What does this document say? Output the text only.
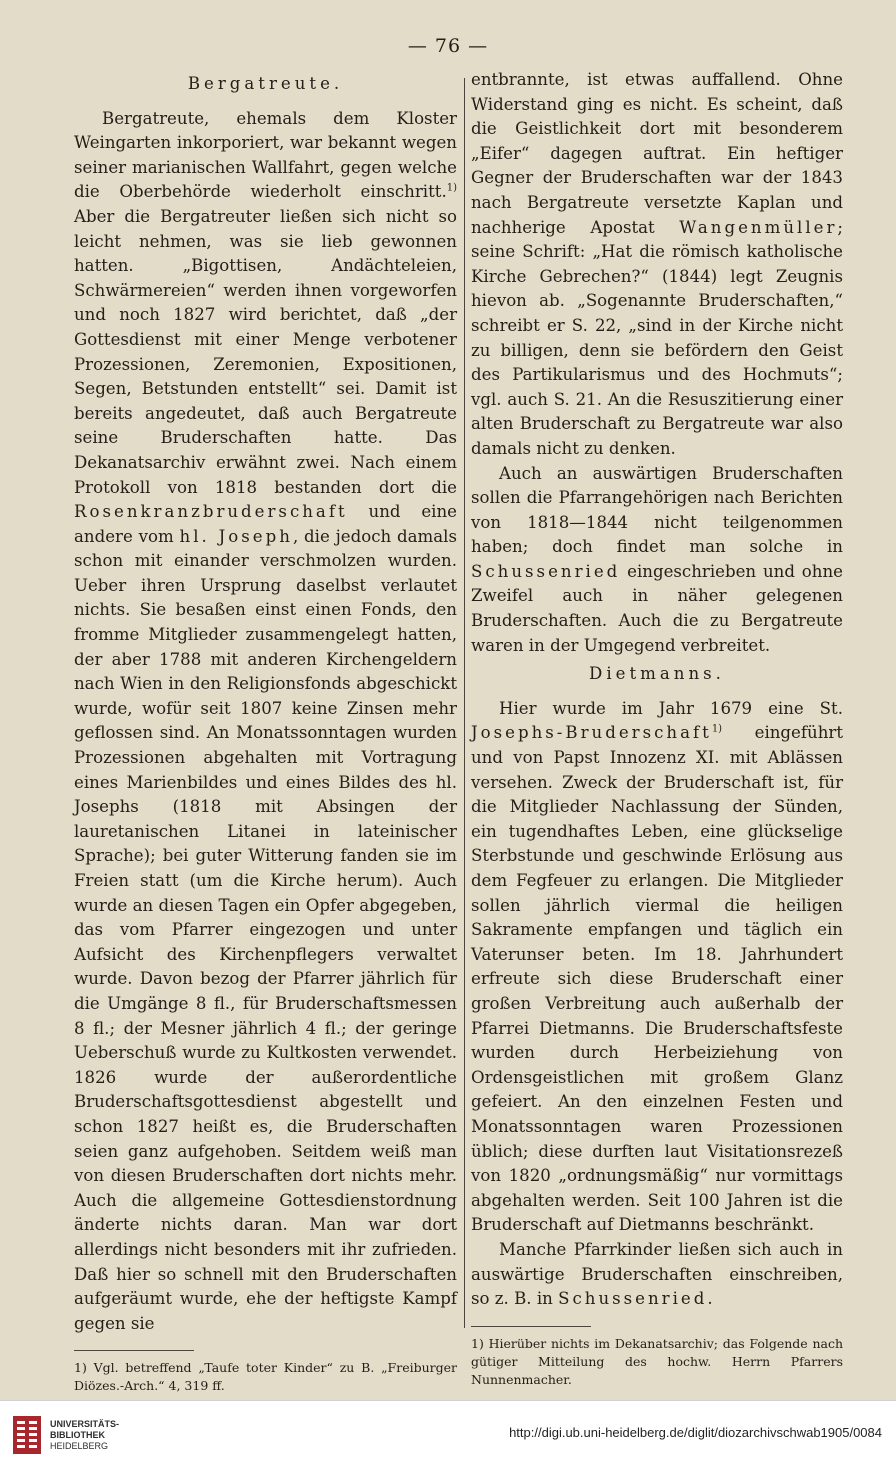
— 76 —

Bergatreute.

Bergatreute, ehemals dem Kloster Weingarten inkorporiert, war bekannt wegen seiner marianischen Wallfahrt, gegen welche die Oberbehörde wiederholt einschritt.$^{1)}$ Aber die Bergatreuter ließen sich nicht so leicht nehmen, was sie lieb gewonnen hatten. „Bigottisen, Andächteleien, Schwärmereien“ werden ihnen vorgeworfen und noch 1827 wird berichtet, daß „der Gottesdienst mit einer Menge verbotener Prozessionen, Zeremonien, Expositionen, Segen, Betstunden entstellt“ sei. Damit ist bereits angedeutet, daß auch Bergatreute seine Bruderschaften hatte. Das Dekanatsarchiv erwähnt zwei. Nach einem Protokoll von 1818 bestanden dort die Rosenkranzbruderschaft und eine andere vom hl. Joseph, die jedoch damals schon mit einander verschmolzen wurden. Ueber ihren Ursprung daselbst verlautet nichts. Sie besaßen einst einen Fonds, den fromme Mitglieder zusammengelegt hatten, der aber 1788 mit anderen Kirchengeldern nach Wien in den Religionsfonds abgeschickt wurde, wofür seit 1807 keine Zinsen mehr geflossen sind. An Monatssonntagen wurden Prozessionen abgehalten mit Vortragung eines Marienbildes und eines Bildes des hl. Josephs (1818 mit Absingen der lauretanischen Litanei in lateinischer Sprache); bei guter Witterung fanden sie im Freien statt (um die Kirche herum). Auch wurde an diesen Tagen ein Opfer abgegeben, das vom Pfarrer eingezogen und unter Aufsicht des Kirchenpflegers verwaltet wurde. Davon bezog der Pfarrer jährlich für die Umgänge 8 fl., für Bruderschaftsmessen 8 fl.; der Mesner jährlich 4 fl.; der geringe Ueberschuß wurde zu Kultkosten verwendet. 1826 wurde der außerordentliche Bruderschaftsgottesdienst abgestellt und schon 1827 heißt es, die Bruderschaften seien ganz aufgehoben. Seitdem weiß man von diesen Bruderschaften dort nichts mehr. Auch die allgemeine Gottesdienstordnung änderte nichts daran. Man war dort allerdings nicht besonders mit ihr zufrieden. Daß hier so schnell mit den Bruderschaften aufgeräumt wurde, ehe der heftigste Kampf gegen sie

1) Vgl. betreffend „Taufe toter Kinder“ zu B. „Freiburger Diözes.-Arch.“ 4, 319 ff.

entbrannte, ist etwas auffallend. Ohne Widerstand ging es nicht. Es scheint, daß die Geistlichkeit dort mit besonderem „Eifer“ dagegen auftrat. Ein heftiger Gegner der Bruderschaften war der 1843 nach Bergatreute versetzte Kaplan und nachherige Apostat Wangenmüller; seine Schrift: „Hat die römisch katholische Kirche Gebrechen?“ (1844) legt Zeugnis hievon ab. „Sogenannte Bruderschaften,“ schreibt er S. 22, „sind in der Kirche nicht zu billigen, denn sie befördern den Geist des Partikularismus und des Hochmuts“; vgl. auch S. 21. An die Resuszitierung einer alten Bruderschaft zu Bergatreute war also damals nicht zu denken.

Auch an auswärtigen Bruderschaften sollen die Pfarrangehörigen nach Berichten von 1818—1844 nicht teilgenommen haben; doch findet man solche in Schussenried eingeschrieben und ohne Zweifel auch in näher gelegenen Bruderschaften. Auch die zu Bergatreute waren in der Umgegend verbreitet.

Dietmanns.

Hier wurde im Jahr 1679 eine St. Josephs-Bruderschaft$^{1)}$ eingeführt und von Papst Innozenz XI. mit Ablässen versehen. Zweck der Bruderschaft ist, für die Mitglieder Nachlassung der Sünden, ein tugendhaftes Leben, eine glückselige Sterbstunde und geschwinde Erlösung aus dem Fegfeuer zu erlangen. Die Mitglieder sollen jährlich viermal die heiligen Sakramente empfangen und täglich ein Vaterunser beten. Im 18. Jahrhundert erfreute sich diese Bruderschaft einer großen Verbreitung auch außerhalb der Pfarrei Dietmanns. Die Bruderschaftsfeste wurden durch Herbeiziehung von Ordensgeistlichen mit großem Glanz gefeiert. An den einzelnen Festen und Monatssonntagen waren Prozessionen üblich; diese durften laut Visitationsrezeß von 1820 „ordnungsmäßig“ nur vormittags abgehalten werden. Seit 100 Jahren ist die Bruderschaft auf Dietmanns beschränkt.

Manche Pfarrkinder ließen sich auch in auswärtige Bruderschaften einschreiben, so z. B. in Schussenried.

1) Hierüber nichts im Dekanatsarchiv; das Folgende nach gütiger Mitteilung des hochw. Herrn Pfarrers Nunnenmacher.

UNIVERSITÄTS-
BIBLIOTHEK
HEIDELBERG
http://digi.ub.uni-heidelberg.de/diglit/diozarchivschwab1905/0084
